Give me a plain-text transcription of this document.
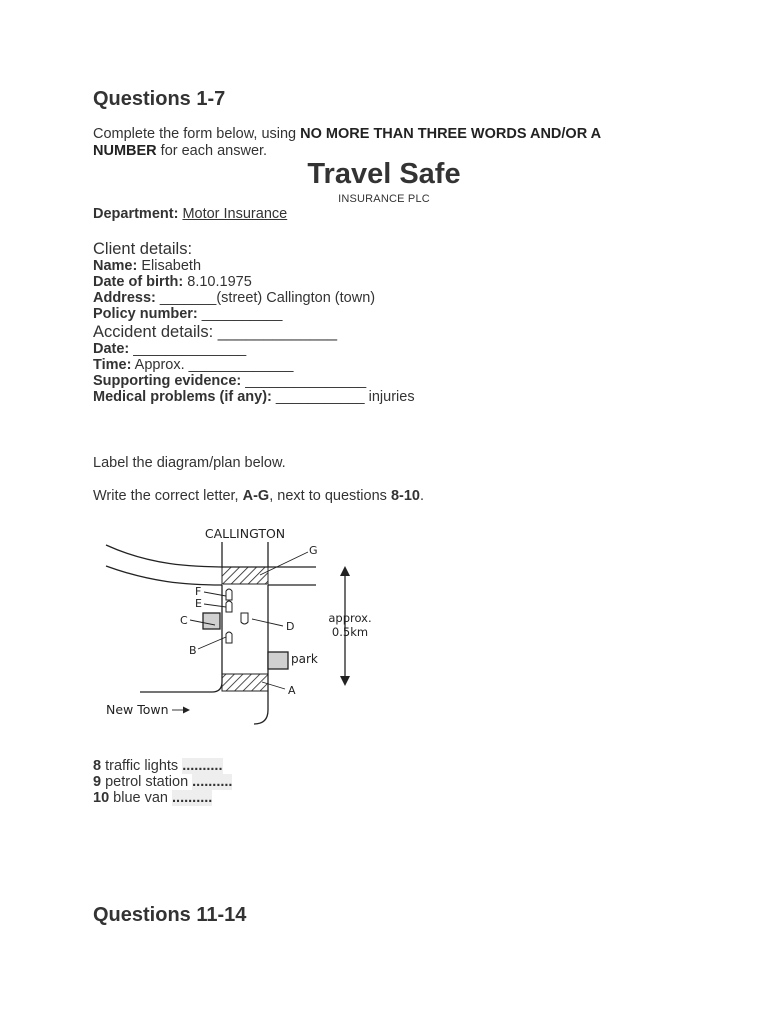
Questions 1-7
Complete the form below, using NO MORE THAN THREE WORDS AND/OR A NUMBER for each answer.
Travel Safe
INSURANCE PLC
Department: Motor Insurance
Client details:
Name: Elisabeth
Date of birth: 8.10.1975
Address: _______(street) Callington (town)
Policy number: __________
Accident details: _____________
Date: ______________
Time: Approx. _____________
Supporting evidence: _______________
Medical problems (if any): ___________ injuries
Label the diagram/plan below.
Write the correct letter, A-G, next to questions 8-10.
CALLINGTON
G
F
E
C	D
B
park
A
approx.
0.5km
New Town
8 traffic lights ..........
9 petrol station ..........
10 blue van ..........
Questions 11-14
